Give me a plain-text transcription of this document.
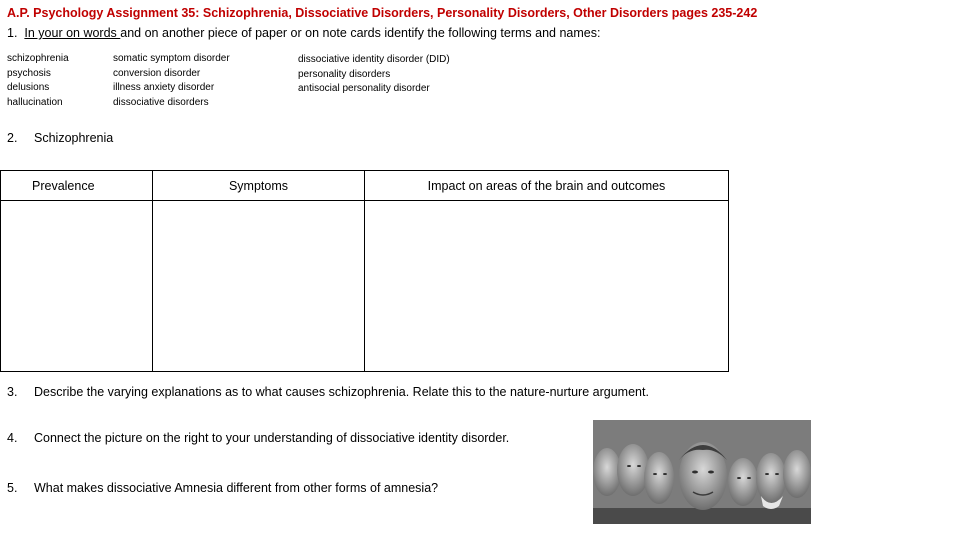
A.P. Psychology Assignment 35: Schizophrenia, Dissociative Disorders, Personality Disorders, Other Disorders pages 235-242
1. In your on words and on another piece of paper or on note cards identify the following terms and names:
schizophrenia
psychosis
delusions
hallucination
somatic symptom disorder
conversion disorder
illness anxiety disorder
dissociative disorders
dissociative identity disorder (DID)
personality disorders
antisocial personality disorder
2. Schizophrenia
Prevalence	Symptoms	Impact on areas of the brain and outcomes

3. Describe the varying explanations as to what causes schizophrenia. Relate this to the nature-nurture argument.
4. Connect the picture on the right to your understanding of dissociative identity disorder.
5. What makes dissociative Amnesia different from other forms of amnesia?
